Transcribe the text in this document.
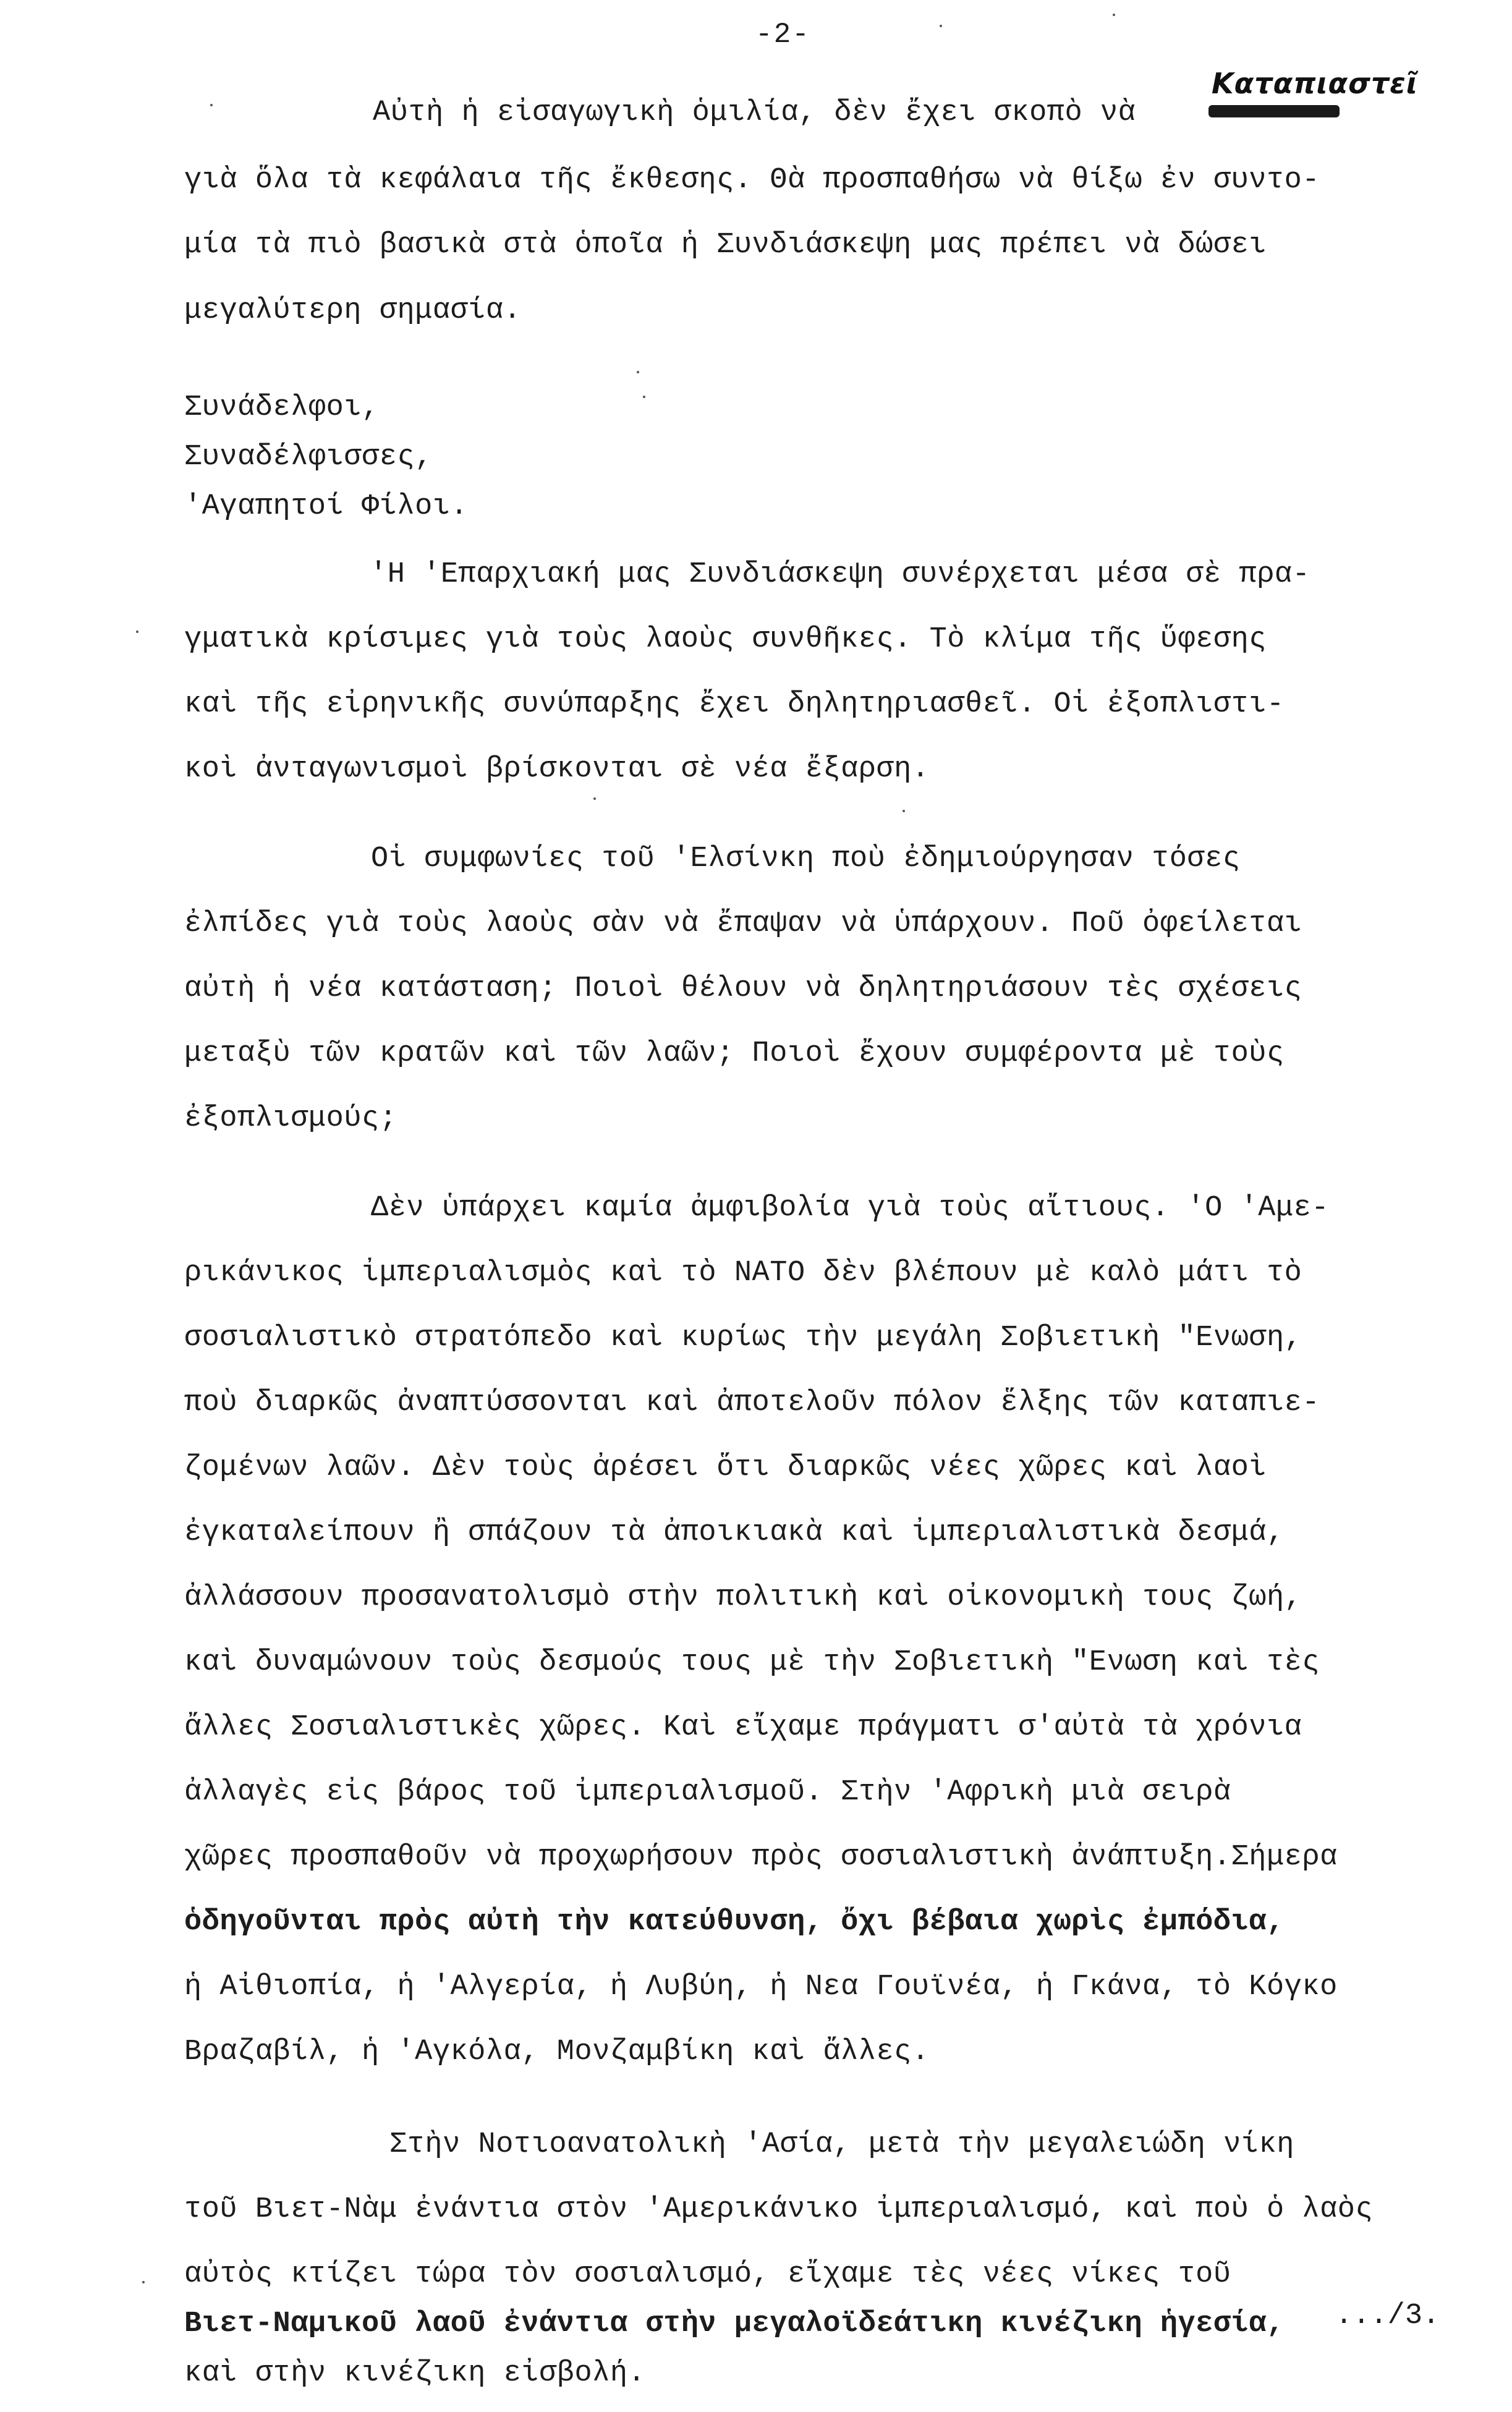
-2-
Καταπιαστεῖ
Αὐτὴ ἡ εἰσαγωγικὴ ὁμιλία, δὲν ἔχει σκοπὸ νὰ
γιὰ ὅλα τὰ κεφάλαια τῆς ἔκθεσης. Θὰ προσπαθήσω νὰ θίξω ἐν συντο-
μία τὰ πιὸ βασικὰ στὰ ὁποῖα ἡ Συνδιάσκεψη μας πρέπει νὰ δώσει
μεγαλύτερη σημασία.
Συνάδελφοι,
Συναδέλφισσες,
'Αγαπητοί Φίλοι.
'Η 'Επαρχιακή μας Συνδιάσκεψη συνέρχεται μέσα σὲ πρα-
γματικὰ κρίσιμες γιὰ τοὺς λαοὺς συνθῆκες. Τὸ κλίμα τῆς ὕφεσης
καὶ τῆς εἰρηνικῆς συνύπαρξης ἔχει δηλητηριασθεῖ. Οἱ ἐξοπλιστι-
κοὶ ἀνταγωνισμοὶ βρίσκονται σὲ νέα ἔξαρση.
Οἱ συμφωνίες τοῦ 'Ελσίνκη ποὺ ἐδημιούργησαν τόσες
ἐλπίδες γιὰ τοὺς λαοὺς σὰν νὰ ἔπαψαν νὰ ὑπάρχουν. Ποῦ ὀφείλεται
αὐτὴ ἡ νέα κατάσταση; Ποιοὶ θέλουν νὰ δηλητηριάσουν τὲς σχέσεις
μεταξὺ τῶν κρατῶν καὶ τῶν λαῶν; Ποιοὶ ἔχουν συμφέροντα μὲ τοὺς
ἐξοπλισμούς;
Δὲν ὑπάρχει καμία ἀμφιβολία γιὰ τοὺς αἴτιους. 'Ο 'Αμε-
ρικάνικος ἰμπεριαλισμὸς καὶ τὸ ΝΑΤΟ δὲν βλέπουν μὲ καλὸ μάτι τὸ
σοσιαλιστικὸ στρατόπεδο καὶ κυρίως τὴν μεγάλη Σοβιετικὴ "Ενωση,
ποὺ διαρκῶς ἀναπτύσσονται καὶ ἀποτελοῦν πόλον ἕλξης τῶν καταπιε-
ζομένων λαῶν. Δὲν τοὺς ἀρέσει ὅτι διαρκῶς νέες χῶρες καὶ λαοὶ
ἐγκαταλείπουν ἢ σπάζουν τὰ ἀποικιακὰ καὶ ἰμπεριαλιστικὰ δεσμά,
ἀλλάσσουν προσανατολισμὸ στὴν πολιτικὴ καὶ οἰκονομικὴ τους ζωή,
καὶ δυναμώνουν τοὺς δεσμούς τους μὲ τὴν Σοβιετικὴ "Ενωση καὶ τὲς
ἄλλες Σοσιαλιστικὲς χῶρες. Καὶ εἴχαμε πράγματι σ'αὐτὰ τὰ χρόνια
ἀλλαγὲς εἰς βάρος τοῦ ἰμπεριαλισμοῦ. Στὴν 'Αφρικὴ μιὰ σειρὰ
χῶρες προσπαθοῦν νὰ προχωρήσουν πρὸς σοσιαλιστικὴ ἀνάπτυξη.Σήμερα
ὁδηγοῦνται πρὸς αὐτὴ τὴν κατεύθυνση, ὄχι βέβαια χωρὶς ἐμπόδια,
ἡ Αἰθιοπία, ἡ 'Αλγερία, ἡ Λυβύη, ἡ Νεα Γουϊνέα, ἡ Γκάνα, τὸ Κόγκο
Βραζαβίλ, ἡ 'Αγκόλα, Μονζαμβίκη καὶ ἄλλες.
Στὴν Νοτιοανατολικὴ 'Ασία, μετὰ τὴν μεγαλειώδη νίκη
τοῦ Βιετ-Νὰμ ἐνάντια στὸν 'Αμερικάνικο ἰμπεριαλισμό, καὶ ποὺ ὁ λαὸς
αὐτὸς κτίζει τώρα τὸν σοσιαλισμό, εἴχαμε τὲς νέες νίκες τοῦ
Βιετ-Ναμικοῦ λαοῦ ἐνάντια στὴν μεγαλοϊδεάτικη κινέζικη ἡγεσία,
καὶ στὴν κινέζικη εἰσβολή.
.../3.
